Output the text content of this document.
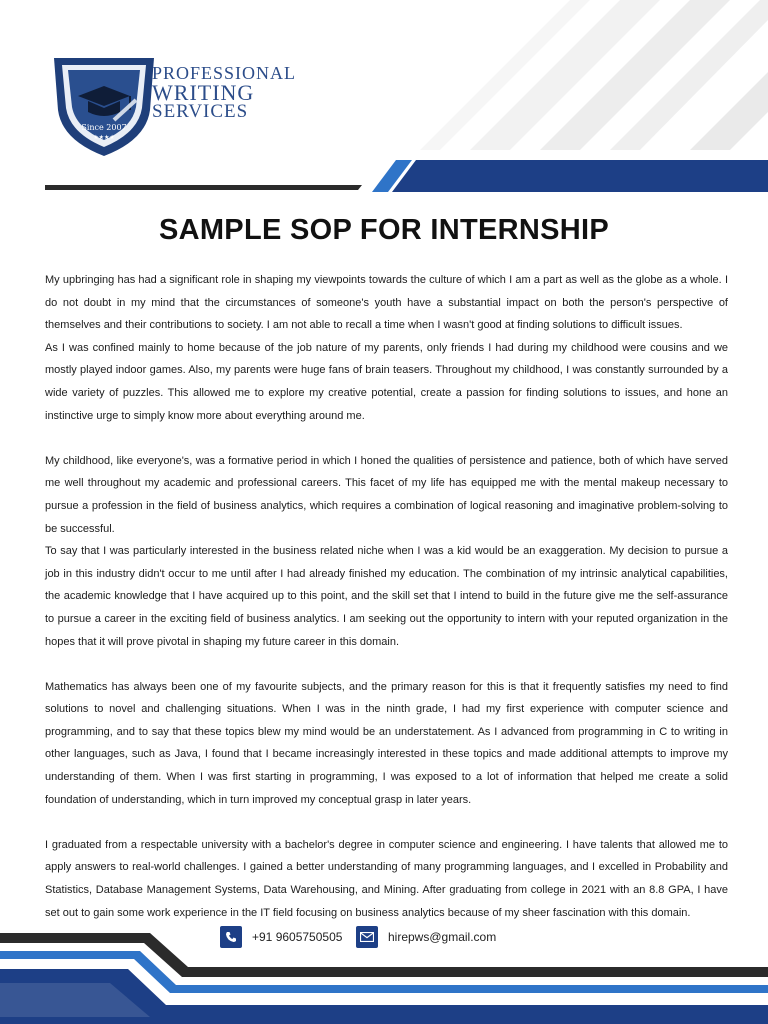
Since 2007
★★★★
PROFESSIONAL
WRITING
SERVICES
SAMPLE SOP FOR INTERNSHIP

My upbringing has had a significant role in shaping my viewpoints towards the culture of which I am a part as well as the globe as a whole. I do not doubt in my mind that the circumstances of someone's youth have a substantial impact on both the person's perspective of themselves and their contributions to society. I am not able to recall a time when I wasn't good at finding solutions to difficult issues.

As I was confined mainly to home because of the job nature of my parents, only friends I had during my childhood were cousins and we mostly played indoor games. Also, my parents were huge fans of brain teasers. Throughout my childhood, I was constantly surrounded by a wide variety of puzzles. This allowed me to explore my creative potential, create a passion for finding solutions to issues, and hone an instinctive urge to simply know more about everything around me.

My childhood, like everyone's, was a formative period in which I honed the qualities of persistence and patience, both of which have served me well throughout my academic and professional careers. This facet of my life has equipped me with the mental makeup necessary to pursue a profession in the field of business analytics, which requires a combination of logical reasoning and imaginative problem-solving to be successful.

To say that I was particularly interested in the business related niche when I was a kid would be an exaggeration. My decision to pursue a job in this industry didn't occur to me until after I had already finished my education. The combination of my intrinsic analytical capabilities, the academic knowledge that I have acquired up to this point, and the skill set that I intend to build in the future give me the self-assurance to pursue a career in the exciting field of business analytics. I am seeking out the opportunity to intern with your reputed organization in the hopes that it will prove pivotal in shaping my future career in this domain.

Mathematics has always been one of my favourite subjects, and the primary reason for this is that it frequently satisfies my need to find solutions to novel and challenging situations. When I was in the ninth grade, I had my first experience with computer science and programming, and to say that these topics blew my mind would be an understatement. As I advanced from programming in C to writing in other languages, such as Java, I found that I became increasingly interested in these topics and made additional attempts to improve my understanding of them. When I was first starting in programming, I was exposed to a lot of information that helped me create a solid foundation of understanding, which in turn improved my conceptual grasp in later years.

I graduated from a respectable university with a bachelor's degree in computer science and engineering. I have talents that allowed me to apply answers to real-world challenges. I gained a better understanding of many programming languages, and I excelled in Probability and Statistics, Database Management Systems, Data Warehousing, and Mining. After graduating from college in 2021 with an 8.8 GPA, I have set out to gain some work experience in the IT field focusing on business analytics because of my sheer fascination with this domain.

+91 9605750505	hirepws@gmail.com
